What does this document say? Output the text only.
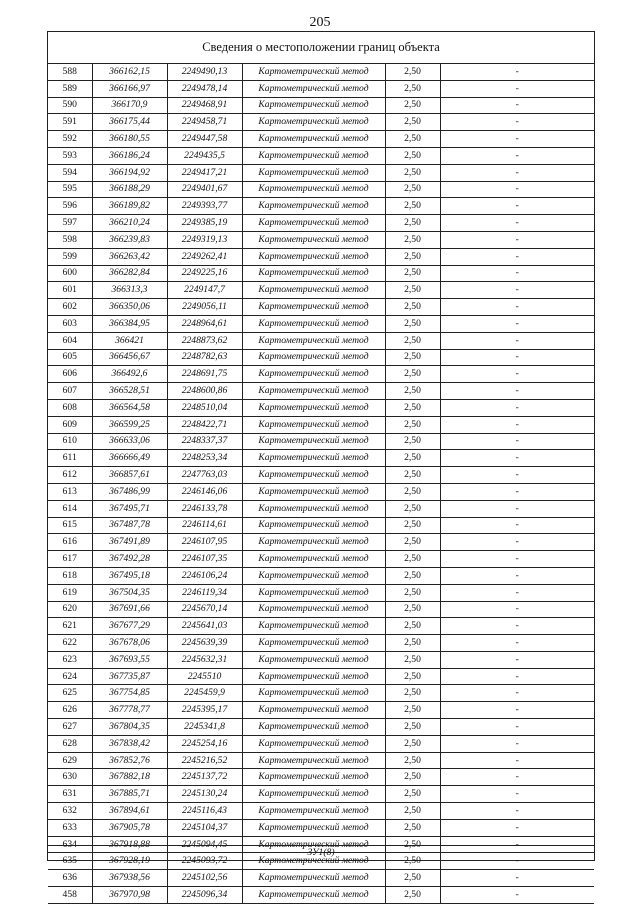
205
Сведения о местоположении границ объекта
588	366162,15	2249490,13	Картометрический метод	2,50	-
589	366166,97	2249478,14	Картометрический метод	2,50	-
590	366170,9	2249468,91	Картометрический метод	2,50	-
591	366175,44	2249458,71	Картометрический метод	2,50	-
592	366180,55	2249447,58	Картометрический метод	2,50	-
593	366186,24	2249435,5	Картометрический метод	2,50	-
594	366194,92	2249417,21	Картометрический метод	2,50	-
595	366188,29	2249401,67	Картометрический метод	2,50	-
596	366189,82	2249393,77	Картометрический метод	2,50	-
597	366210,24	2249385,19	Картометрический метод	2,50	-
598	366239,83	2249319,13	Картометрический метод	2,50	-
599	366263,42	2249262,41	Картометрический метод	2,50	-
600	366282,84	2249225,16	Картометрический метод	2,50	-
601	366313,3	2249147,7	Картометрический метод	2,50	-
602	366350,06	2249056,11	Картометрический метод	2,50	-
603	366384,95	2248964,61	Картометрический метод	2,50	-
604	366421	2248873,62	Картометрический метод	2,50	-
605	366456,67	2248782,63	Картометрический метод	2,50	-
606	366492,6	2248691,75	Картометрический метод	2,50	-
607	366528,51	2248600,86	Картометрический метод	2,50	-
608	366564,58	2248510,04	Картометрический метод	2,50	-
609	366599,25	2248422,71	Картометрический метод	2,50	-
610	366633,06	2248337,37	Картометрический метод	2,50	-
611	366666,49	2248253,34	Картометрический метод	2,50	-
612	366857,61	2247763,03	Картометрический метод	2,50	-
613	367486,99	2246146,06	Картометрический метод	2,50	-
614	367495,71	2246133,78	Картометрический метод	2,50	-
615	367487,78	2246114,61	Картометрический метод	2,50	-
616	367491,89	2246107,95	Картометрический метод	2,50	-
617	367492,28	2246107,35	Картометрический метод	2,50	-
618	367495,18	2246106,24	Картометрический метод	2,50	-
619	367504,35	2246119,34	Картометрический метод	2,50	-
620	367691,66	2245670,14	Картометрический метод	2,50	-
621	367677,29	2245641,03	Картометрический метод	2,50	-
622	367678,06	2245639,39	Картометрический метод	2,50	-
623	367693,55	2245632,31	Картометрический метод	2,50	-
624	367735,87	2245510	Картометрический метод	2,50	-
625	367754,85	2245459,9	Картометрический метод	2,50	-
626	367778,77	2245395,17	Картометрический метод	2,50	-
627	367804,35	2245341,8	Картометрический метод	2,50	-
628	367838,42	2245254,16	Картометрический метод	2,50	-
629	367852,76	2245216,52	Картометрический метод	2,50	-
630	367882,18	2245137,72	Картометрический метод	2,50	-
631	367885,71	2245130,24	Картометрический метод	2,50	-
632	367894,61	2245116,43	Картометрический метод	2,50	-
633	367905,78	2245104,37	Картометрический метод	2,50	-
634	367918,88	2245094,45	Картометрический метод	2,50	-
635	367928,19	2245093,72	Картометрический метод	2,50	-
636	367938,56	2245102,56	Картометрический метод	2,50	-
458	367970,98	2245096,34	Картометрический метод	2,50	-
ЗУ1(8)
